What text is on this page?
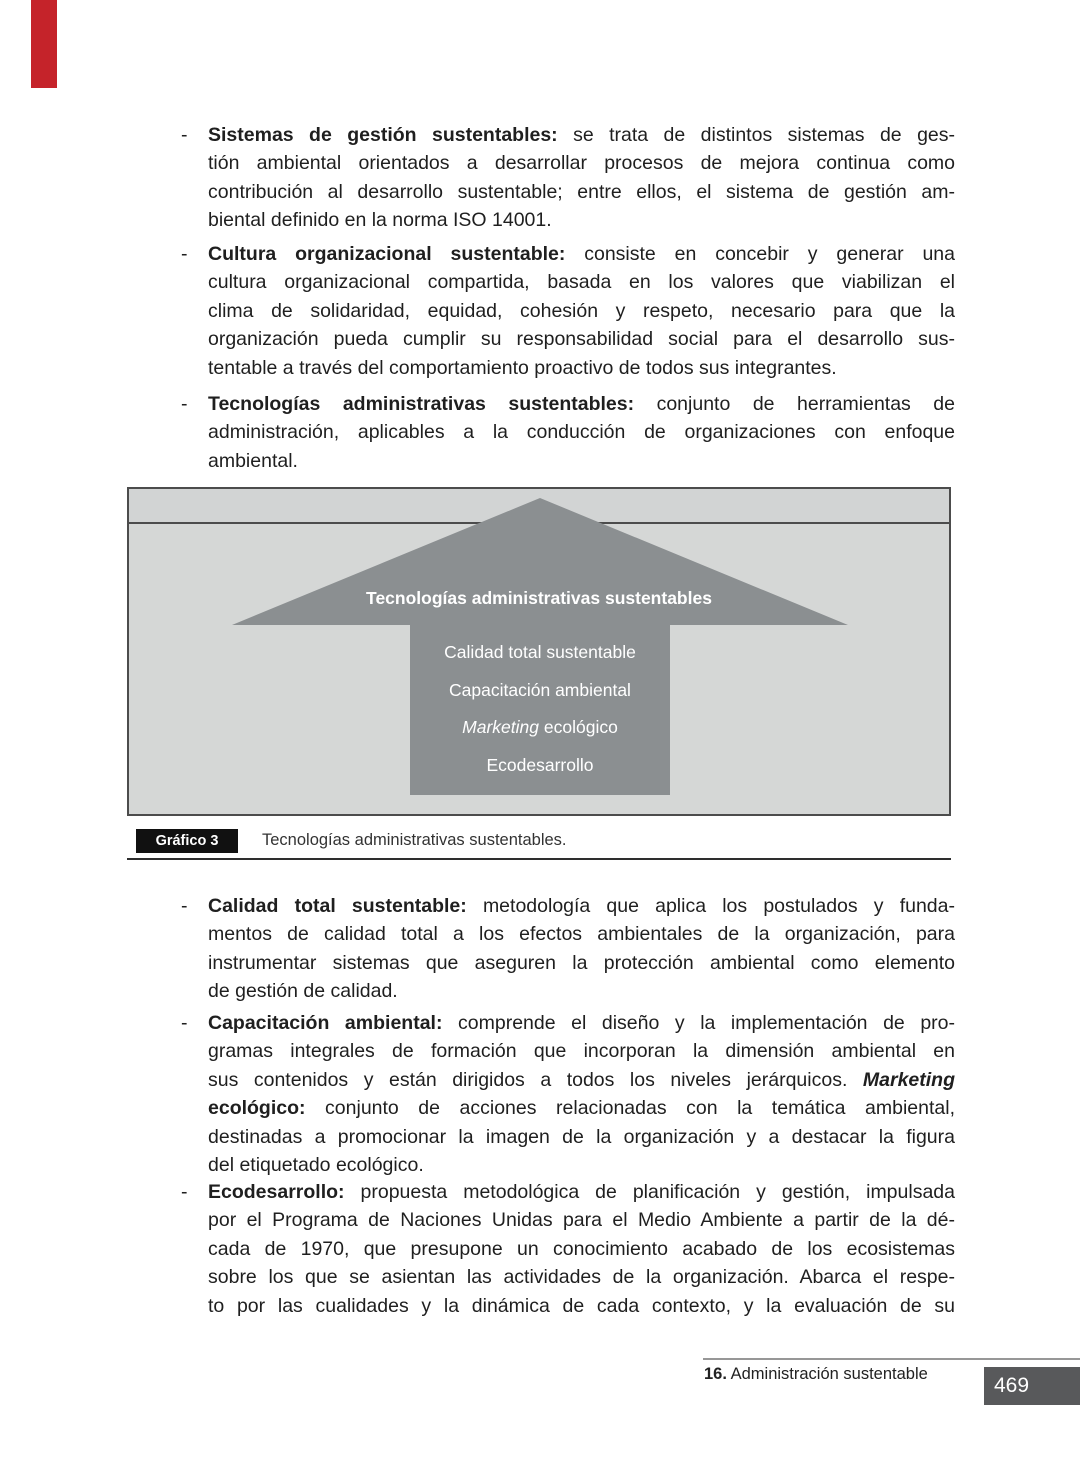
- Sistemas de gestión sustentables: se trata de distintos sistemas de ges-
tión ambiental orientados a desarrollar procesos de mejora continua como
contribución al desarrollo sustentable; entre ellos, el sistema de gestión am-
biental definido en la norma ISO 14001.
- Cultura organizacional sustentable: consiste en concebir y generar una
cultura organizacional compartida, basada en los valores que viabilizan el
clima de solidaridad, equidad, cohesión y respeto, necesario para que la
organización pueda cumplir su responsabilidad social para el desarrollo sus-
tentable a través del comportamiento proactivo de todos sus integrantes.
- Tecnologías administrativas sustentables: conjunto de herramientas de
administración, aplicables a la conducción de organizaciones con enfoque
ambiental.
Tecnologías administrativas sustentables
Calidad total sustentable
Capacitación ambiental
Marketing ecológico
Ecodesarrollo
Gráfico 3	Tecnologías administrativas sustentables.
- Calidad total sustentable: metodología que aplica los postulados y funda-
mentos de calidad total a los efectos ambientales de la organización, para
instrumentar sistemas que aseguren la protección ambiental como elemento
de gestión de calidad.
- Capacitación ambiental: comprende el diseño y la implementación de pro-
gramas integrales de formación que incorporan la dimensión ambiental en
sus contenidos y están dirigidos a todos los niveles jerárquicos. Marketing
ecológico: conjunto de acciones relacionadas con la temática ambiental,
destinadas a promocionar la imagen de la organización y a destacar la figura
del etiquetado ecológico.
- Ecodesarrollo: propuesta metodológica de planificación y gestión, impulsada
por el Programa de Naciones Unidas para el Medio Ambiente a partir de la dé-
cada de 1970, que presupone un conocimiento acabado de los ecosistemas
sobre los que se asientan las actividades de la organización. Abarca el respe-
to por las cualidades y la dinámica de cada contexto, y la evaluación de su
16. Administración sustentable	469
